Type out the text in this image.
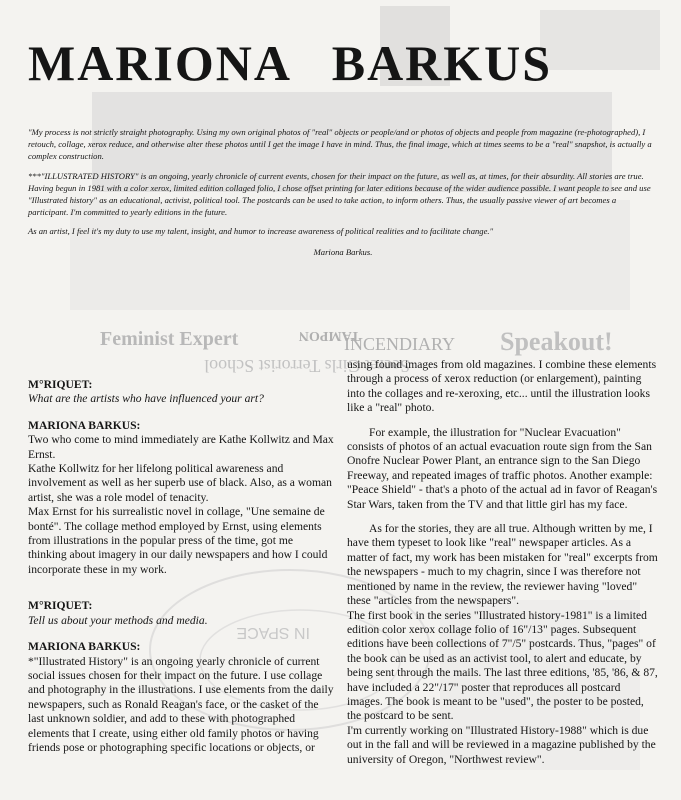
Feminist Expert	TAMPON
INCENDIARY Speakout!
Secret Girls Terrorist School
IN SPACE
MARIONA BARKUS

"My process is not strictly straight photography. Using my own original photos of "real" objects or people/and or photos of objects and people from magazine (re-photographed), I retouch, collage, xerox reduce, and otherwise alter these photos until I get the image I have in mind. Thus, the final image, which at times seems to be a "real" snapshot, is actually a complex construction.

***"ILLUSTRATED HISTORY" is an ongoing, yearly chronicle of current events, chosen for their impact on the future, as well as, at times, for their absurdity. All stories are true. Having begun in 1981 with a color xerox, limited edition collaged folio, I chose offset printing for later editions because of the wider audience possible. I want people to see and use "Illustrated history" as an educational, activist, political tool. The postcards can be used to take action, to inform others. Thus, the usually passive viewer of art becomes a participant. I'm committed to yearly editions in the future.

As an artist, I feel it's my duty to use my talent, insight, and humor to increase awareness of political realities and to facilitate change."

Mariona Barkus.

M°RIQUET:

What are the artists who have influenced your art?

MARIONA BARKUS:

Two who come to mind immediately are Kathe Kollwitz and Max Ernst.

Kathe Kollwitz for her lifelong political awareness and involvement as well as her superb use of black. Also, as a woman artist, she was a role model of tenacity.

Max Ernst for his surrealistic novel in collage, "Une semaine de bonté". The collage method employed by Ernst, using elements from illustrations in the popular press of the time, got me thinking about imagery in our daily newspapers and how I could incorporate these in my work.

M°RIQUET:

Tell us about your methods and media.

MARIONA BARKUS:

*"Illustrated History" is an ongoing yearly chronicle of current social issues chosen for their impact on the future. I use collage and photography in the illustrations. I use elements from the daily newspapers, such as Ronald Reagan's face, or the casket of the last unknown soldier, and add to these with photographed elements that I create, using either old family photos or having friends pose or photographing specific locations or objects, or

using found images from old magazines. I combine these elements through a process of xerox reduction (or enlargement), painting into the collages and re-xeroxing, etc... until the illustration looks like a "real" photo.

For example, the illustration for "Nuclear Evacuation" consists of photos of an actual evacuation route sign from the San Onofre Nuclear Power Plant, an entrance sign to the San Diego Freeway, and repeated images of traffic photos. Another example: "Peace Shield" - that's a photo of the actual ad in favor of Reagan's Star Wars, taken from the TV and that little girl has my face.

As for the stories, they are all true. Although written by me, I have them typeset to look like "real" newspaper articles. As a matter of fact, my work has been mistaken for "real" excerpts from the newspapers - much to my chagrin, since I was therefore not mentioned by name in the review, the reviewer having "loved" these "articles from the newspapers".

The first book in the series "Illustrated history-1981" is a limited edition color xerox collage folio of 16"/13" pages. Subsequent editions have been collections of 7"/5" postcards. Thus, "pages" of the book can be used as an activist tool, to alert and educate, by being sent through the mails. The last three editions, '85, '86, & 87, have included a 22"/17" poster that reproduces all postcard images. The book is meant to be "used", the poster to be posted, the postcard to be sent.

I'm currently working on "Illustrated History-1988" which is due out in the fall and will be reviewed in a magazine published by the university of Oregon, "Northwest review".
